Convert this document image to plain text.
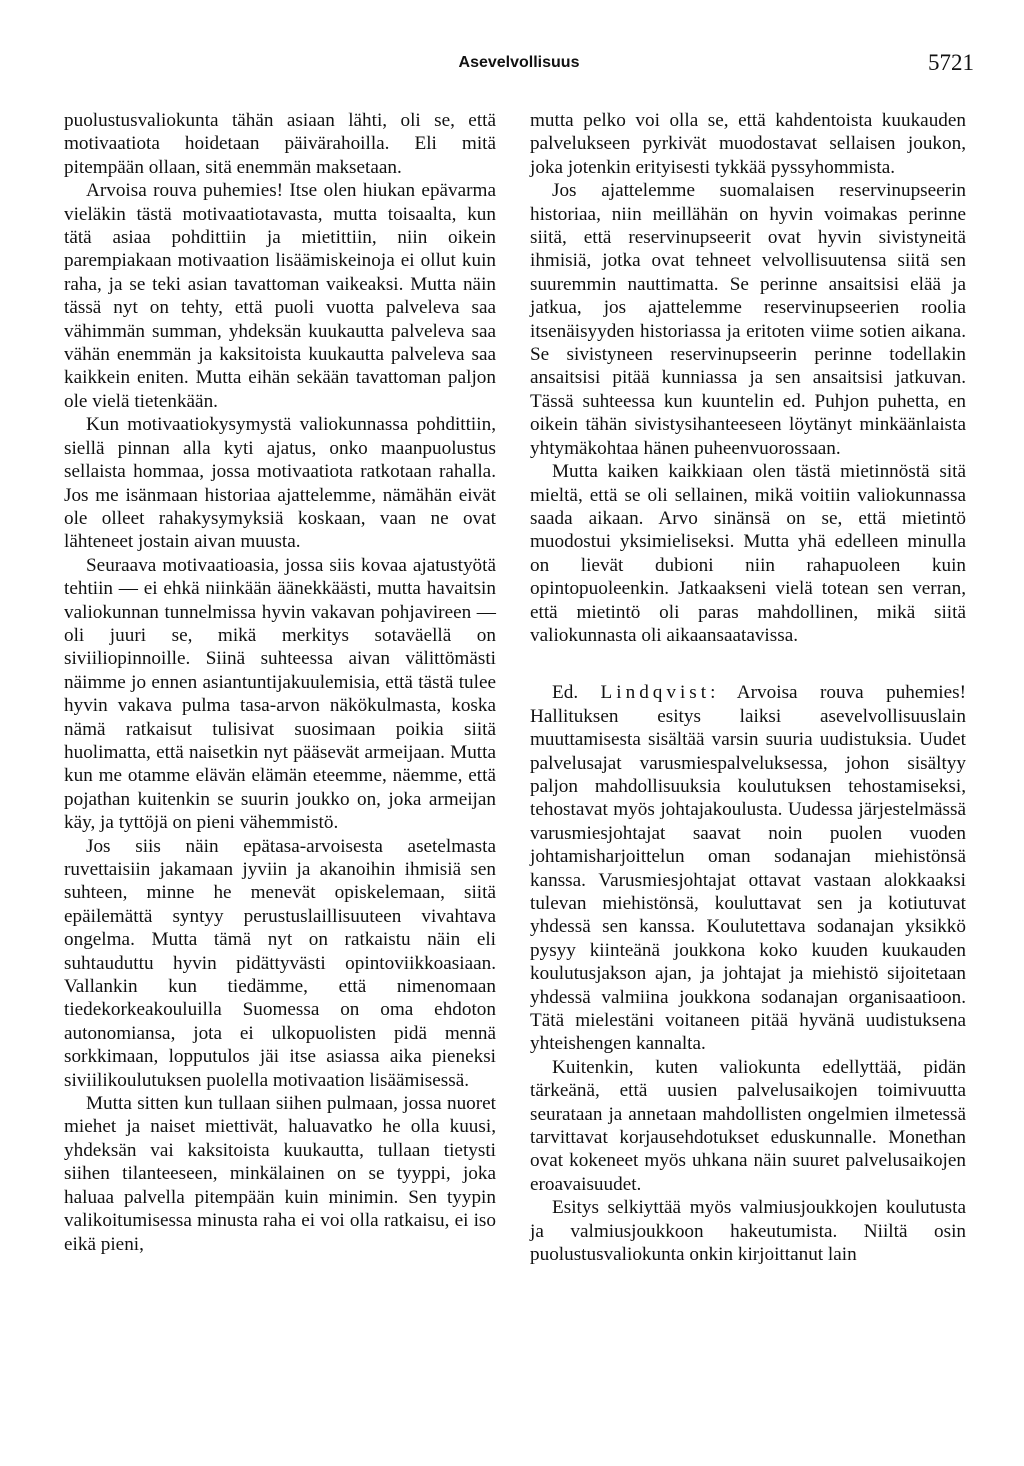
Asevelvollisuus	5721

puolustusvaliokunta tähän asiaan lähti, oli se, että motivaatiota hoidetaan päivärahoilla. Eli mitä pitempään ollaan, sitä enemmän maksetaan.

Arvoisa rouva puhemies! Itse olen hiukan epävarma vieläkin tästä motivaatiotavasta, mutta toisaalta, kun tätä asiaa pohdittiin ja mietittiin, niin oikein parempiakaan motivaation lisäämiskeinoja ei ollut kuin raha, ja se teki asian tavattoman vaikeaksi. Mutta näin tässä nyt on tehty, että puoli vuotta palveleva saa vähimmän summan, yhdeksän kuukautta palveleva saa vähän enemmän ja kaksitoista kuukautta palveleva saa kaikkein eniten. Mutta eihän sekään tavattoman paljon ole vielä tietenkään.

Kun motivaatiokysymystä valiokunnassa pohdittiin, siellä pinnan alla kyti ajatus, onko maanpuolustus sellaista hommaa, jossa motivaatiota ratkotaan rahalla. Jos me isänmaan historiaa ajattelemme, nämähän eivät ole olleet rahakysymyksiä koskaan, vaan ne ovat lähteneet jostain aivan muusta.

Seuraava motivaatioasia, jossa siis kovaa ajatustyötä tehtiin — ei ehkä niinkään äänekkäästi, mutta havaitsin valiokunnan tunnelmissa hyvin vakavan pohjavireen — oli juuri se, mikä merkitys sotaväellä on siviiliopinnoille. Siinä suhteessa aivan välittömästi näimme jo ennen asiantuntijakuulemisia, että tästä tulee hyvin vakava pulma tasa-arvon näkökulmasta, koska nämä ratkaisut tulisivat suosimaan poikia siitä huolimatta, että naisetkin nyt pääsevät armeijaan. Mutta kun me otamme elävän elämän eteemme, näemme, että pojathan kuitenkin se suurin joukko on, joka armeijan käy, ja tyttöjä on pieni vähemmistö.

Jos siis näin epätasa-arvoisesta asetelmasta ruvettaisiin jakamaan jyviin ja akanoihin ihmisiä sen suhteen, minne he menevät opiskelemaan, siitä epäilemättä syntyy perustuslaillisuuteen vivahtava ongelma. Mutta tämä nyt on ratkaistu näin eli suhtauduttu hyvin pidättyvästi opintoviikkoasiaan. Vallankin kun tiedämme, että nimenomaan tiedekorkeakouluilla Suomessa on oma ehdoton autonomiansa, jota ei ulkopuolisten pidä mennä sorkkimaan, lopputulos jäi itse asiassa aika pieneksi siviilikoulutuksen puolella motivaation lisäämisessä.

Mutta sitten kun tullaan siihen pulmaan, jossa nuoret miehet ja naiset miettivät, haluavatko he olla kuusi, yhdeksän vai kaksitoista kuukautta, tullaan tietysti siihen tilanteeseen, minkälainen on se tyyppi, joka haluaa palvella pitempään kuin minimin. Sen tyypin valikoitumisessa minusta raha ei voi olla ratkaisu, ei iso eikä pieni,

mutta pelko voi olla se, että kahdentoista kuukauden palvelukseen pyrkivät muodostavat sellaisen joukon, joka jotenkin erityisesti tykkää pyssyhommista.

Jos ajattelemme suomalaisen reservinupseerin historiaa, niin meillähän on hyvin voimakas perinne siitä, että reservinupseerit ovat hyvin sivistyneitä ihmisiä, jotka ovat tehneet velvollisuutensa siitä sen suuremmin nauttimatta. Se perinne ansaitsisi elää ja jatkua, jos ajattelemme reservinupseerien roolia itsenäisyyden historiassa ja eritoten viime sotien aikana. Se sivistyneen reservinupseerin perinne todellakin ansaitsisi pitää kunniassa ja sen ansaitsisi jatkuvan. Tässä suhteessa kun kuuntelin ed. Puhjon puhetta, en oikein tähän sivistysihanteeseen löytänyt minkäänlaista yhtymäkohtaa hänen puheenvuorossaan.

Mutta kaiken kaikkiaan olen tästä mietinnöstä sitä mieltä, että se oli sellainen, mikä voitiin valiokunnassa saada aikaan. Arvo sinänsä on se, että mietintö muodostui yksimieliseksi. Mutta yhä edelleen minulla on lievät dubioni niin rahapuoleen kuin opintopuoleenkin. Jatkaakseni vielä totean sen verran, että mietintö oli paras mahdollinen, mikä siitä valiokunnasta oli aikaansaatavissa.

Ed. Lindqvist: Arvoisa rouva puhemies! Hallituksen esitys laiksi asevelvollisuuslain muuttamisesta sisältää varsin suuria uudistuksia. Uudet palvelusajat varusmiespalveluksessa, johon sisältyy paljon mahdollisuuksia koulutuksen tehostamiseksi, tehostavat myös johtajakoulusta. Uudessa järjestelmässä varusmiesjohtajat saavat noin puolen vuoden johtamisharjoittelun oman sodanajan miehistönsä kanssa. Varusmiesjohtajat ottavat vastaan alokkaaksi tulevan miehistönsä, kouluttavat sen ja kotiutuvat yhdessä sen kanssa. Koulutettava sodanajan yksikkö pysyy kiinteänä joukkona koko kuuden kuukauden koulutusjakson ajan, ja johtajat ja miehistö sijoitetaan yhdessä valmiina joukkona sodanajan organisaatioon. Tätä mielestäni voitaneen pitää hyvänä uudistuksena yhteishengen kannalta.

Kuitenkin, kuten valiokunta edellyttää, pidän tärkeänä, että uusien palvelusaikojen toimivuutta seurataan ja annetaan mahdollisten ongelmien ilmetessä tarvittavat korjausehdotukset eduskunnalle. Monethan ovat kokeneet myös uhkana näin suuret palvelusaikojen eroavaisuudet.

Esitys selkiyttää myös valmiusjoukkojen koulutusta ja valmiusjoukkoon hakeutumista. Niiltä osin puolustusvaliokunta onkin kirjoittanut lain
